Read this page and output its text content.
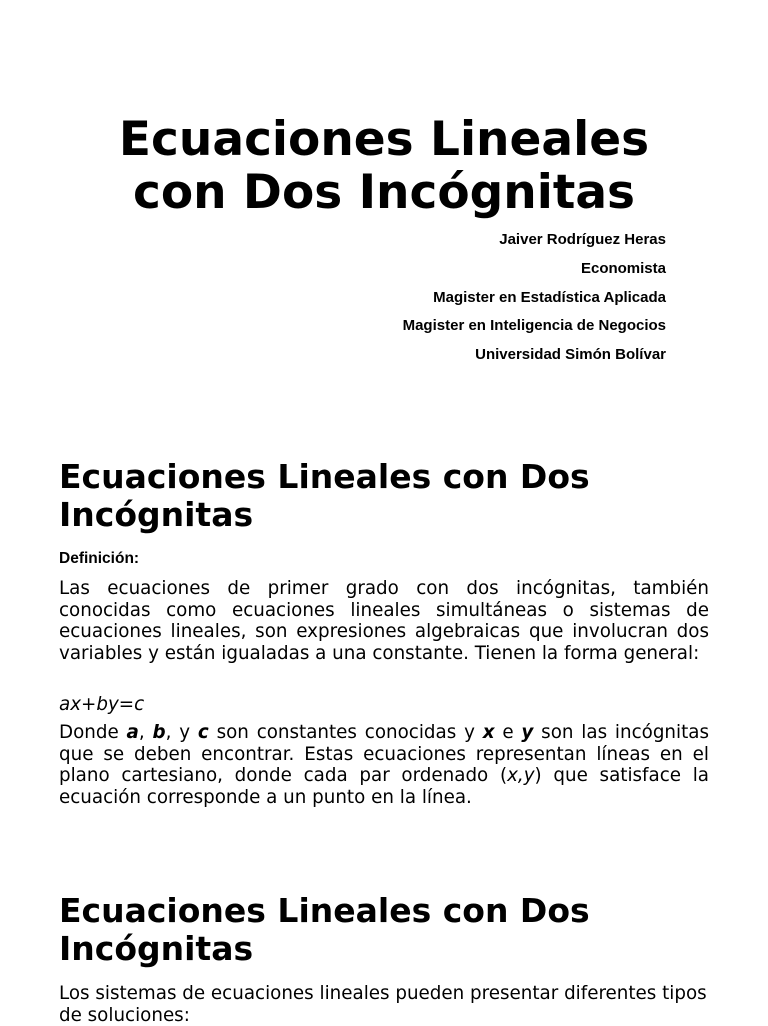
Ecuaciones Lineales
con Dos Incógnitas
Jaiver Rodríguez Heras
Economista
Magister en Estadística Aplicada
Magister en Inteligencia de Negocios
Universidad Simón Bolívar
Ecuaciones Lineales con Dos Incógnitas
Definición:

Las ecuaciones de primer grado con dos incógnitas, también conocidas como ecuaciones lineales simultáneas o sistemas de ecuaciones lineales, son expresiones algebraicas que involucran dos variables y están igualadas a una constante. Tienen la forma general:

ax+by=c

Donde a, b, y c son constantes conocidas y x e y son las incógnitas que se deben encontrar. Estas ecuaciones representan líneas en el plano cartesiano, donde cada par ordenado (x,y) que satisface la ecuación corresponde a un punto en la línea.

Ecuaciones Lineales con Dos Incógnitas

Los sistemas de ecuaciones lineales pueden presentar diferentes tipos de soluciones:
